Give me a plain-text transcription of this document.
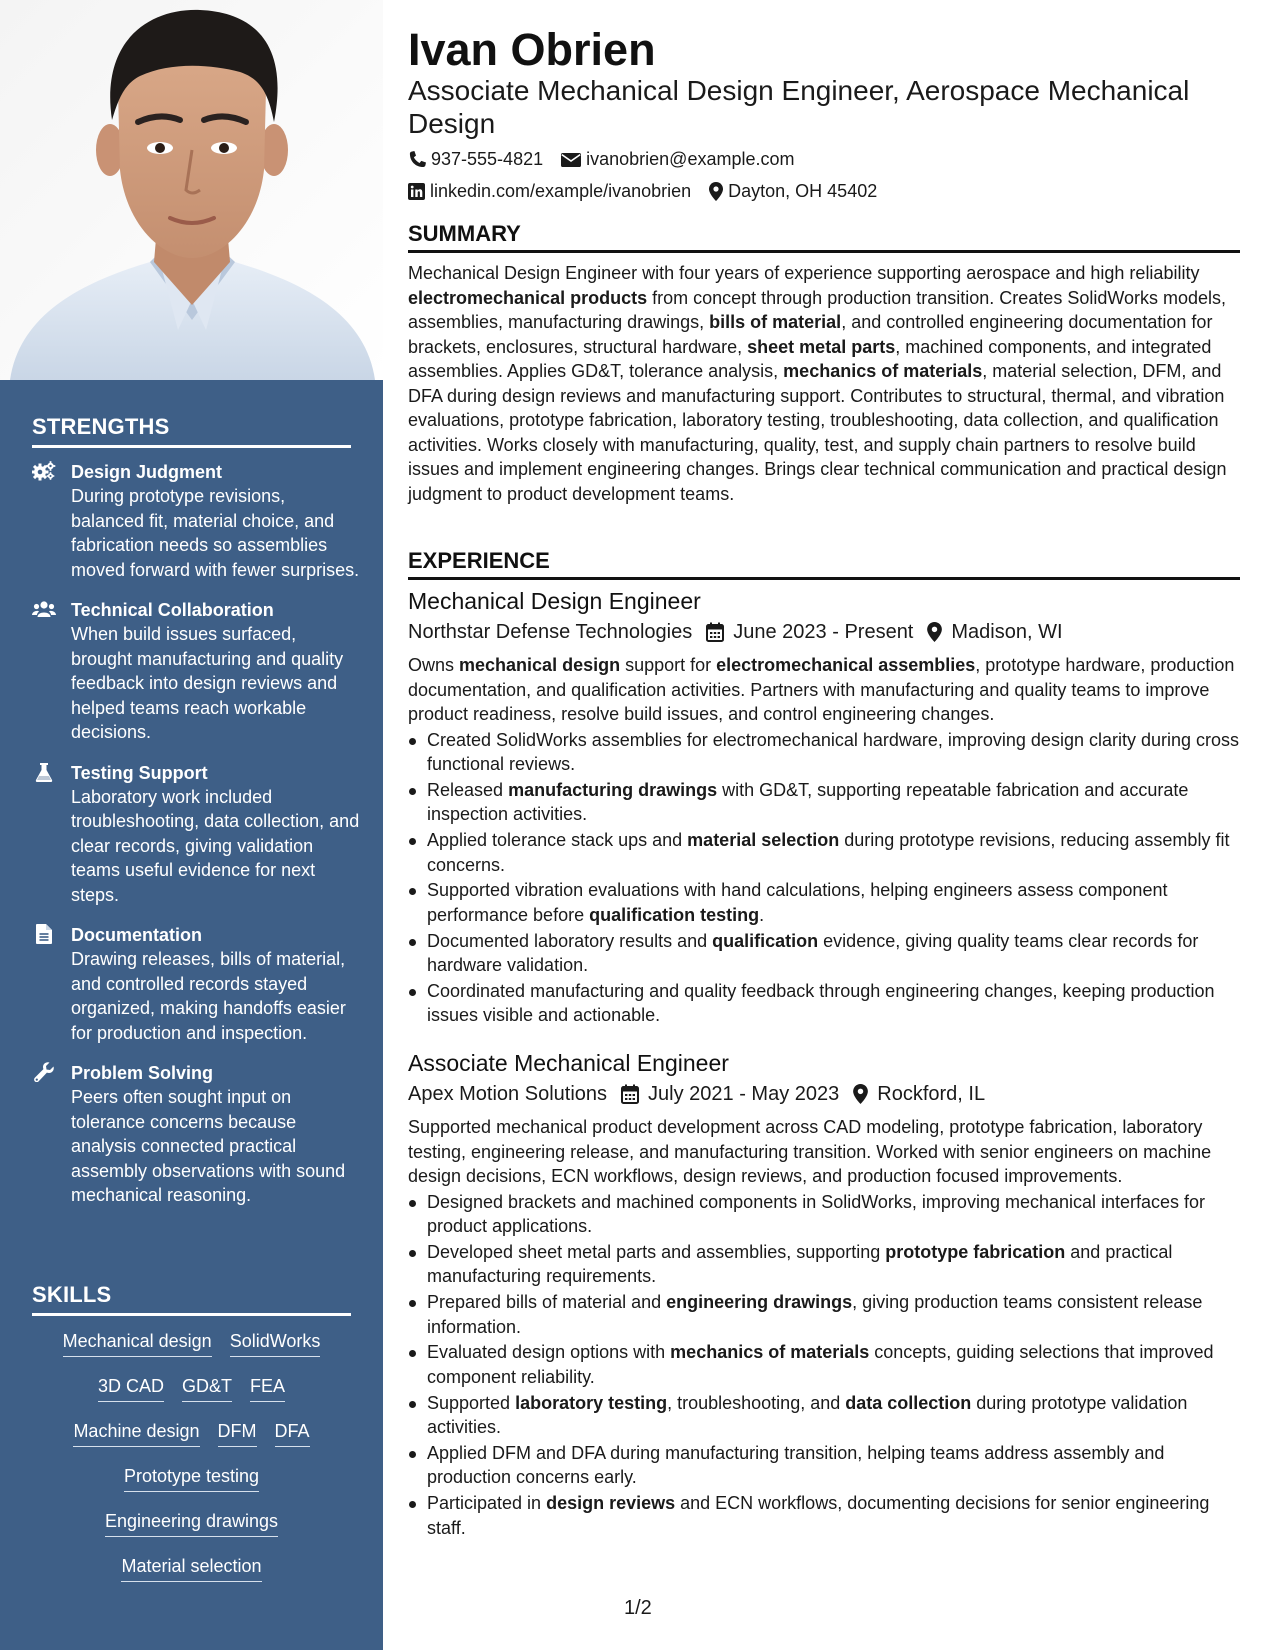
STRENGTHS
Design Judgment
During prototype revisions, balanced fit, material choice, and fabrication needs so assemblies moved forward with fewer surprises.
Technical Collaboration
When build issues surfaced, brought manufacturing and quality feedback into design reviews and helped teams reach workable decisions.
Testing Support
Laboratory work included troubleshooting, data collection, and clear records, giving validation teams useful evidence for next steps.
Documentation
Drawing releases, bills of material, and controlled records stayed organized, making handoffs easier for production and inspection.
Problem Solving
Peers often sought input on tolerance concerns because analysis connected practical assembly observations with sound mechanical reasoning.
SKILLS
Mechanical design SolidWorks
3D CAD GD&T FEA
Machine design DFM DFA
Prototype testing
Engineering drawings
Material selection
Ivan Obrien
Associate Mechanical Design Engineer, Aerospace Mechanical Design
937-555-4821 ivanobrien@example.com
linkedin.com/example/ivanobrien Dayton, OH 45402
SUMMARY

Mechanical Design Engineer with four years of experience supporting aerospace and high reliability electromechanical products from concept through production transition. Creates SolidWorks models, assemblies, manufacturing drawings, bills of material, and controlled engineering documentation for brackets, enclosures, structural hardware, sheet metal parts, machined components, and integrated assemblies. Applies GD&T, tolerance analysis, mechanics of materials, material selection, DFM, and DFA during design reviews and manufacturing support. Contributes to structural, thermal, and vibration evaluations, prototype fabrication, laboratory testing, troubleshooting, data collection, and qualification activities. Works closely with manufacturing, quality, test, and supply chain partners to resolve build issues and implement engineering changes. Brings clear technical communication and practical design judgment to product development teams.

EXPERIENCE
Mechanical Design Engineer
Northstar Defense Technologies June 2023 - Present Madison, WI

Owns mechanical design support for electromechanical assemblies, prototype hardware, production documentation, and qualification activities. Partners with manufacturing and quality teams to improve product readiness, resolve build issues, and control engineering changes.

Created SolidWorks assemblies for electromechanical hardware, improving design clarity during cross functional reviews.
Released manufacturing drawings with GD&T, supporting repeatable fabrication and accurate inspection activities.
Applied tolerance stack ups and material selection during prototype revisions, reducing assembly fit concerns.
Supported vibration evaluations with hand calculations, helping engineers assess component performance before qualification testing.
Documented laboratory results and qualification evidence, giving quality teams clear records for hardware validation.
Coordinated manufacturing and quality feedback through engineering changes, keeping production issues visible and actionable.
Associate Mechanical Engineer
Apex Motion Solutions July 2021 - May 2023 Rockford, IL

Supported mechanical product development across CAD modeling, prototype fabrication, laboratory testing, engineering release, and manufacturing transition. Worked with senior engineers on machine design decisions, ECN workflows, design reviews, and production focused improvements.

Designed brackets and machined components in SolidWorks, improving mechanical interfaces for product applications.
Developed sheet metal parts and assemblies, supporting prototype fabrication and practical manufacturing requirements.
Prepared bills of material and engineering drawings, giving production teams consistent release information.
Evaluated design options with mechanics of materials concepts, guiding selections that improved component reliability.
Supported laboratory testing, troubleshooting, and data collection during prototype validation activities.
Applied DFM and DFA during manufacturing transition, helping teams address assembly and production concerns early.
Participated in design reviews and ECN workflows, documenting decisions for senior engineering staff.
1/2
